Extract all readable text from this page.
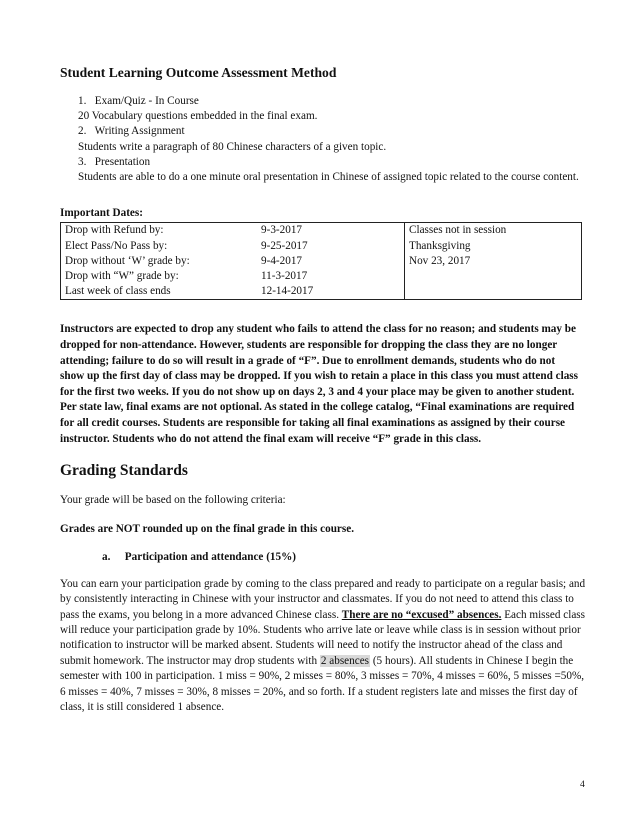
Student Learning Outcome Assessment Method
1. Exam/Quiz - In Course
20 Vocabulary questions embedded in the final exam.
2. Writing Assignment
Students write a paragraph of 80 Chinese characters of a given topic.
3. Presentation
Students are able to do a one minute oral presentation in Chinese of assigned topic related to the course content.
Important Dates:
Drop with Refund by:	9-3-2017
Elect Pass/No Pass by:	9-25-2017
Drop without ‘W’ grade by:	9-4-2017
Drop with “W” grade by:	11-3-2017
Last week of class ends	12-14-2017

Classes not in session
Thanksgiving
Nov 23, 2017

Instructors are expected to drop any student who fails to attend the class for no reason; and students may be dropped for non-attendance. However, students are responsible for dropping the class they are no longer attending; failure to do so will result in a grade of “F”. Due to enrollment demands, students who do not show up the first day of class may be dropped. If you wish to retain a place in this class you must attend class for the first two weeks. If you do not show up on days 2, 3 and 4 your place may be given to another student.

Per state law, final exams are not optional. As stated in the college catalog, “Final examinations are required for all credit courses. Students are responsible for taking all final examinations as assigned by their course instructor. Students who do not attend the final exam will receive “F” grade in this class.

Grading Standards
Your grade will be based on the following criteria:
Grades are NOT rounded up on the final grade in this course.
a. Participation and attendance (15%)
You can earn your participation grade by coming to the class prepared and ready to participate on a regular basis; and by consistently interacting in Chinese with your instructor and classmates. If you do not need to attend this class to pass the exams, you belong in a more advanced Chinese class. There are no “excused” absences. Each missed class will reduce your participation grade by 10%. Students who arrive late or leave while class is in session without prior notification to instructor will be marked absent. Students will need to notify the instructor ahead of the class and submit homework. The instructor may drop students with 2 absences (5 hours). All students in Chinese I begin the semester with 100 in participation. 1 miss = 90%, 2 misses = 80%, 3 misses = 70%, 4 misses = 60%, 5 misses =50%, 6 misses = 40%, 7 misses = 30%, 8 misses = 20%, and so forth. If a student registers late and misses the first day of class, it is still considered 1 absence.
4
